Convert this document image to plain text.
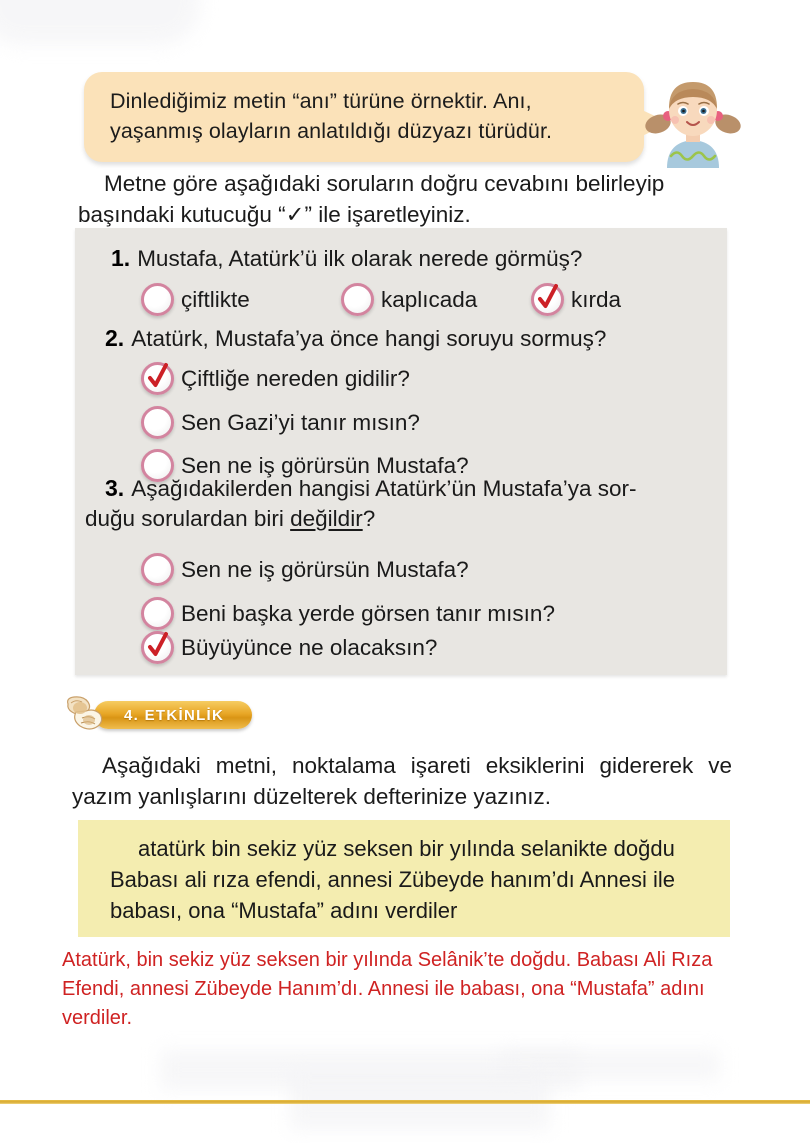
Dinlediğimiz metin “anı” türüne örnektir. Anı, yaşanmış olayların anlatıldığı düzyazı türüdür.
Metne göre aşağıdaki soruların doğru cevabını belirleyip başındaki kutucuğu “✓” ile işaretleyiniz.
1. Mustafa, Atatürk’ü ilk olarak nerede görmüş?
çiftlikte	kaplıcada	kırda
2. Atatürk, Mustafa’ya önce hangi soruyu sormuş?
Çiftliğe nereden gidilir?
Sen Gazi’yi tanır mısın?
Sen ne iş görürsün Mustafa?
3. Aşağıdakilerden hangisi Atatürk’ün Mustafa’ya sor-
duğu sorulardan biri değildir?
Sen ne iş görürsün Mustafa?
Beni başka yerde görsen tanır mısın?
Büyüyünce ne olacaksın?
4. ETKİNLİK
Aşağıdaki metni, noktalama işareti eksiklerini gidererek ve yazım yanlışlarını düzelterek defterinize yazınız.
atatürk bin sekiz yüz seksen bir yılında selanikte doğdu
Babası ali rıza efendi, annesi Zübeyde hanım’dı Annesi ile babası, ona “Mustafa” adını verdiler
Atatürk, bin sekiz yüz seksen bir yılında Selânik’te doğdu. Babası Ali Rıza Efendi, annesi Zübeyde Hanım’dı. Annesi ile babası, ona “Mustafa” adını verdiler.
